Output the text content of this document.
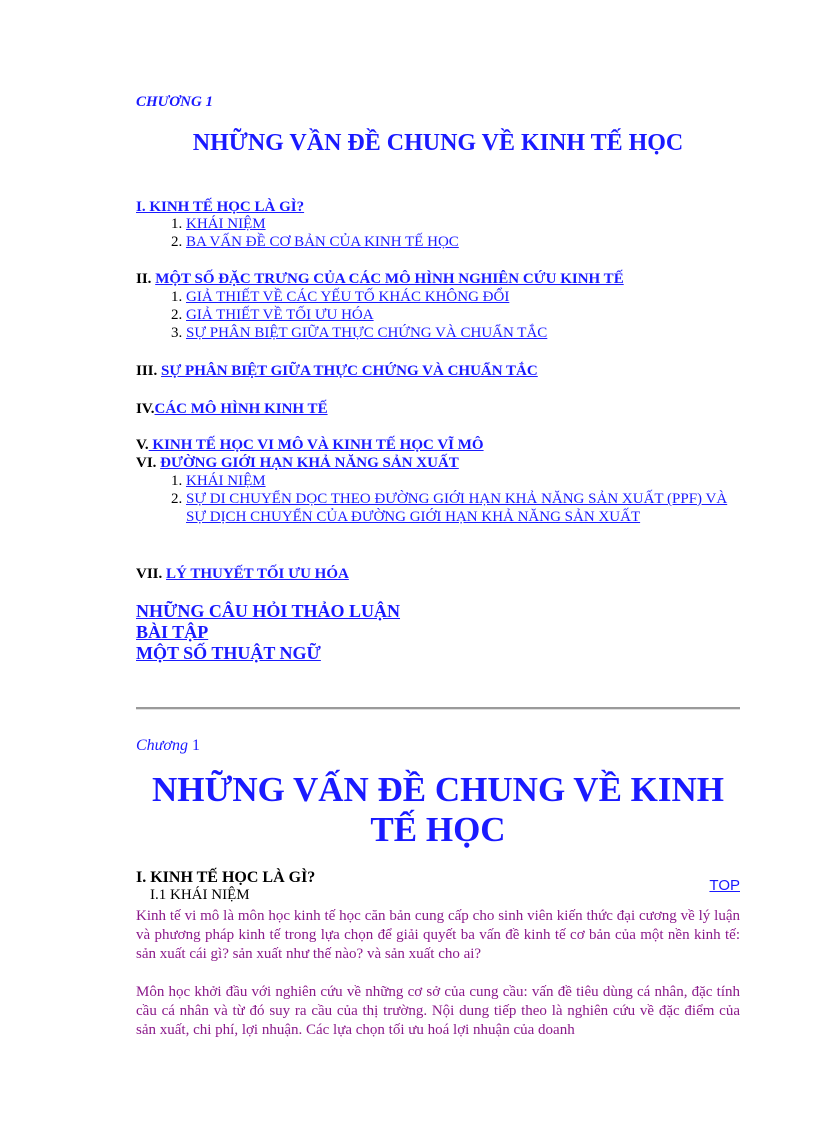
CHƯƠNG 1
NHỮNG VẦN ĐỀ CHUNG VỀ KINH TẾ HỌC
I. KINH TẾ HỌC LÀ GÌ?
1. KHÁI NIỆM
2. BA VẤN ĐỀ CƠ BẢN CỦA KINH TẾ HỌC
II. MỘT SỐ ĐẶC TRƯNG CỦA CÁC MÔ HÌNH NGHIÊN CỨU KINH TẾ
1. GIẢ THIẾT VỀ CÁC YẾU TỐ KHÁC KHÔNG ĐỔI
2. GIẢ THIẾT VỀ TỐI ƯU HÓA
3. SỰ PHÂN BIỆT GIỮA THỰC CHỨNG VÀ CHUẨN TẮC
III. SỰ PHÂN BIỆT GIỮA THỰC CHỨNG VÀ CHUẨN TẮC
IV.CÁC MÔ HÌNH KINH TẾ
V. KINH TẾ HỌC VI MÔ VÀ KINH TẾ HỌC VĨ MÔ
VI. ĐƯỜNG GIỚI HẠN KHẢ NĂNG SẢN XUẤT
1. KHÁI NIỆM
2. SỰ DI CHUYỂN DỌC THEO ĐƯỜNG GIỚI HẠN KHẢ NĂNG SẢN XUẤT (PPF) VÀ SỰ DỊCH CHUYỂN CỦA ĐƯỜNG GIỚI HẠN KHẢ NĂNG SẢN XUẤT
VII. LÝ THUYẾT TỐI ƯU HÓA
NHỮNG CÂU HỎI THẢO LUẬN
BÀI TẬP
MỘT SỐ THUẬT NGỮ
Chương 1
NHỮNG VẤN ĐỀ CHUNG VỀ KINH TẾ HỌC
I. KINH TẾ HỌC LÀ GÌ?
I.1 KHÁI NIỆM
TOP

Kinh tế vi mô là môn học kinh tế học căn bản cung cấp cho sinh viên kiến thức đại cương về lý luận và phương pháp kinh tế trong lựa chọn để giải quyết ba vấn đề kinh tế cơ bản của một nền kinh tế: sản xuất cái gì? sản xuất như thế nào? và sản xuất cho ai?

Môn học khởi đầu với nghiên cứu về những cơ sở của cung cầu: vấn đề tiêu dùng cá nhân, đặc tính cầu cá nhân và từ đó suy ra cầu của thị trường. Nội dung tiếp theo là nghiên cứu về đặc điểm của sản xuất, chi phí, lợi nhuận. Các lựa chọn tối ưu hoá lợi nhuận của doanh
